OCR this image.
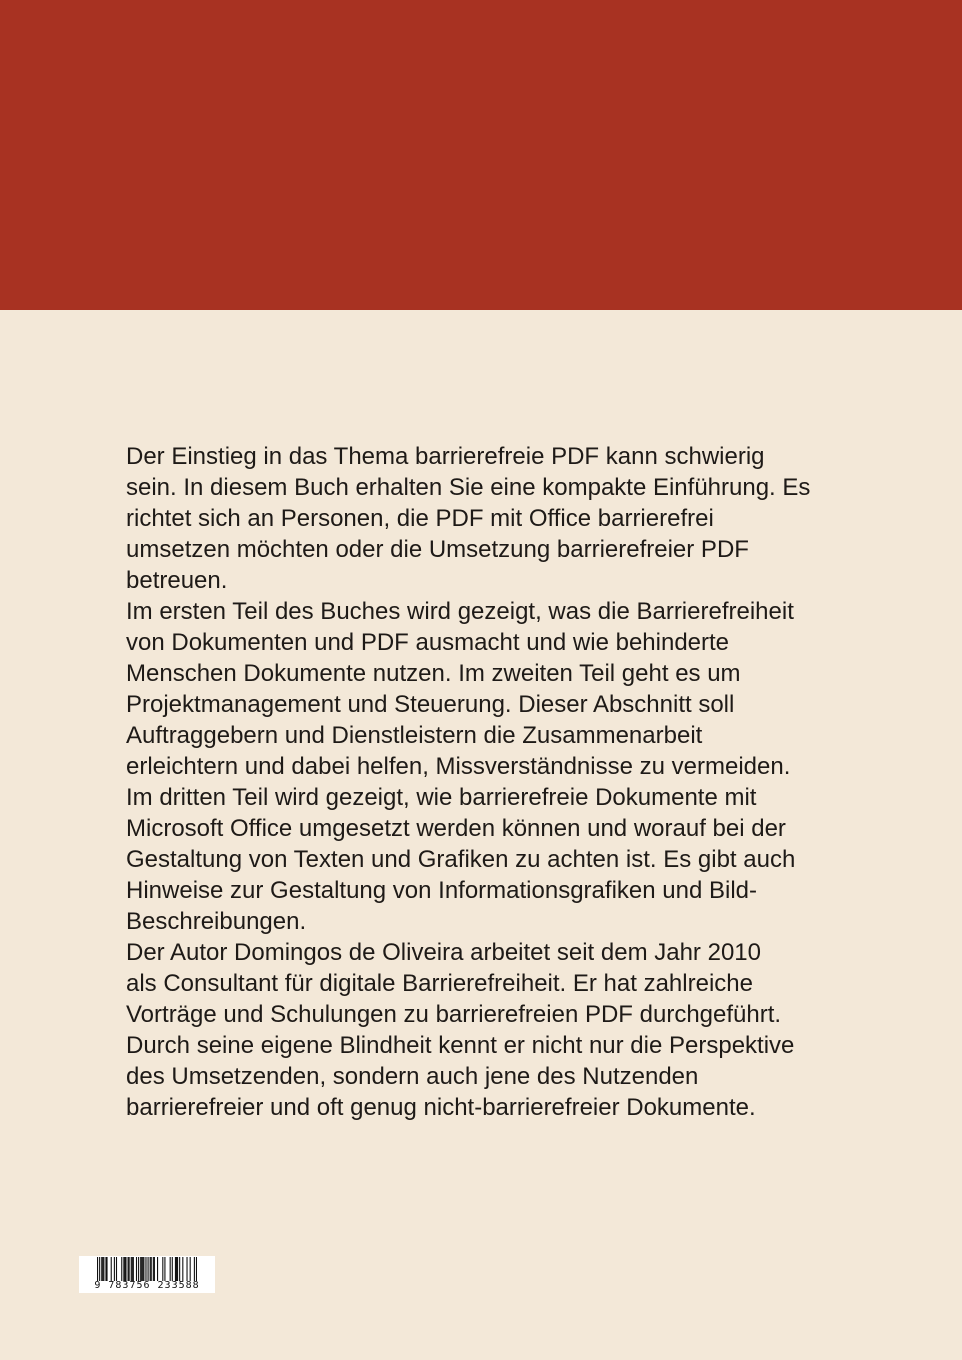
Der Einstieg in das Thema barrierefreie PDF kann schwierig
sein. In diesem Buch erhalten Sie eine kompakte Einführung. Es
richtet sich an Personen, die PDF mit Office barrierefrei
umsetzen möchten oder die Umsetzung barrierefreier PDF
betreuen.

Im ersten Teil des Buches wird gezeigt, was die Barrierefreiheit
von Dokumenten und PDF ausmacht und wie behinderte
Menschen Dokumente nutzen. Im zweiten Teil geht es um
Projektmanagement und Steuerung. Dieser Abschnitt soll
Auftraggebern und Dienstleistern die Zusammenarbeit
erleichtern und dabei helfen, Missverständnisse zu vermeiden.

Im dritten Teil wird gezeigt, wie barrierefreie Dokumente mit
Microsoft Office umgesetzt werden können und worauf bei der
Gestaltung von Texten und Grafiken zu achten ist. Es gibt auch
Hinweise zur Gestaltung von Informationsgrafiken und Bild-
Beschreibungen.

Der Autor Domingos de Oliveira arbeitet seit dem Jahr 2010
als Consultant für digitale Barrierefreiheit. Er hat zahlreiche
Vorträge und Schulungen zu barrierefreien PDF durchgeführt.
Durch seine eigene Blindheit kennt er nicht nur die Perspektive
des Umsetzenden, sondern auch jene des Nutzenden
barrierefreier und oft genug nicht-barrierefreier Dokumente.

9 783756 233588
